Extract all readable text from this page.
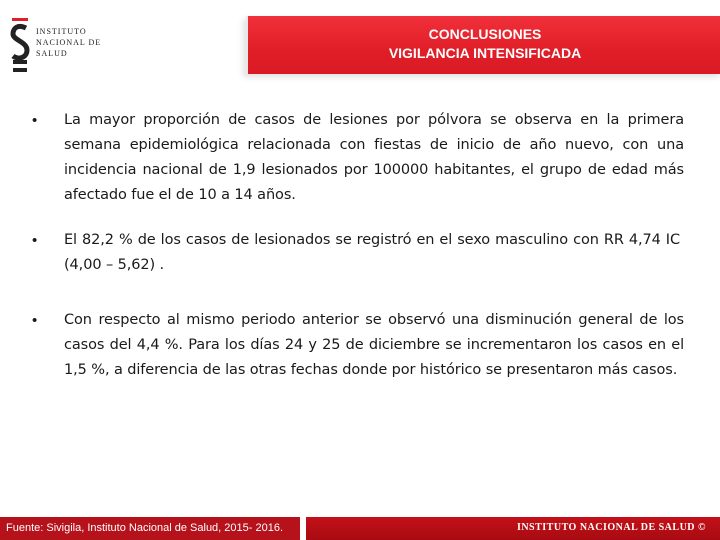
INSTITUTO
NACIONAL DE
SALUD
CONCLUSIONES
VIGILANCIA INTENSIFICADA
• La mayor proporción de casos de lesiones por pólvora se observa en la primera semana epidemiológica relacionada con fiestas de inicio de año nuevo, con una incidencia nacional de 1,9 lesionados por 100000 habitantes, el grupo de edad más afectado fue el de 10 a 14 años.
• El 82,2 % de los casos de lesionados se registró en el sexo masculino con RR 4,74 IC (4,00 – 5,62) .
• Con respecto al mismo periodo anterior se observó una disminución general de los casos del 4,4 %. Para los días 24 y 25 de diciembre se incrementaron los casos en el 1,5 %, a diferencia de las otras fechas donde por histórico se presentaron más casos.
INSTITUTO NACIONAL DE SALUD ©
Fuente: Sivigila, Instituto Nacional de Salud, 2015- 2016.
